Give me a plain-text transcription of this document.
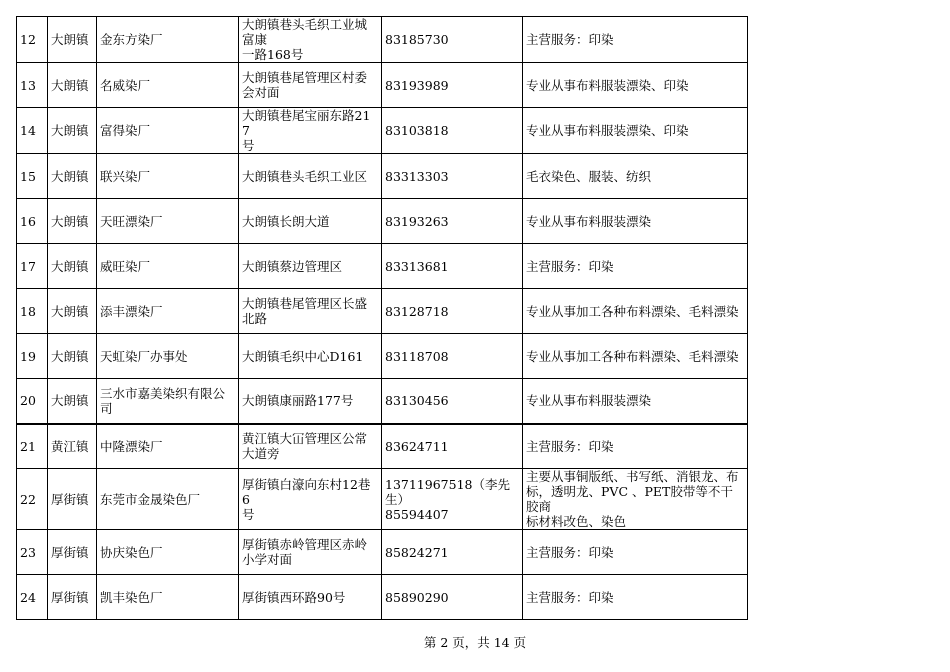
12	大朗镇	金东方染厂	大朗镇巷头毛织工业城
富康
一路168号	83185730	主营服务：印染
13	大朗镇	名威染厂	大朗镇巷尾管理区村委
会对面	83193989	专业从事布料服装漂染、印染
14	大朗镇	富得染厂	大朗镇巷尾宝丽东路217
号	83103818	专业从事布料服装漂染、印染
15	大朗镇	联兴染厂	大朗镇巷头毛织工业区	83313303	毛衣染色、服装、纺织
16	大朗镇	天旺漂染厂	大朗镇长朗大道	83193263	专业从事布料服装漂染
17	大朗镇	威旺染厂	大朗镇蔡边管理区	83313681	主营服务：印染
18	大朗镇	添丰漂染厂	大朗镇巷尾管理区长盛
北路	83128718	专业从事加工各种布料漂染、毛料漂染
19	大朗镇	天虹染厂办事处	大朗镇毛织中心D161	83118708	专业从事加工各种布料漂染、毛料漂染
20	大朗镇	三水市嘉美染织有限公
司	大朗镇康丽路177号	83130456	专业从事布料服装漂染
21	黄江镇	中隆漂染厂	黄江镇大冚管理区公常
大道旁	83624711	主营服务：印染
22	厚街镇	东莞市金晟染色厂	厚街镇白濠向东村12巷6
号	13711967518（李先生）
85594407	主要从事铜版纸、书写纸、消银龙、布
标，透明龙、PVC 、PET胶带等不干胶商
标材料改色、染色
23	厚街镇	协庆染色厂	厚街镇赤岭管理区赤岭
小学对面	85824271	主营服务：印染
24	厚街镇	凯丰染色厂	厚街镇西环路90号	85890290	主营服务：印染
第 2 页，共 14 页
